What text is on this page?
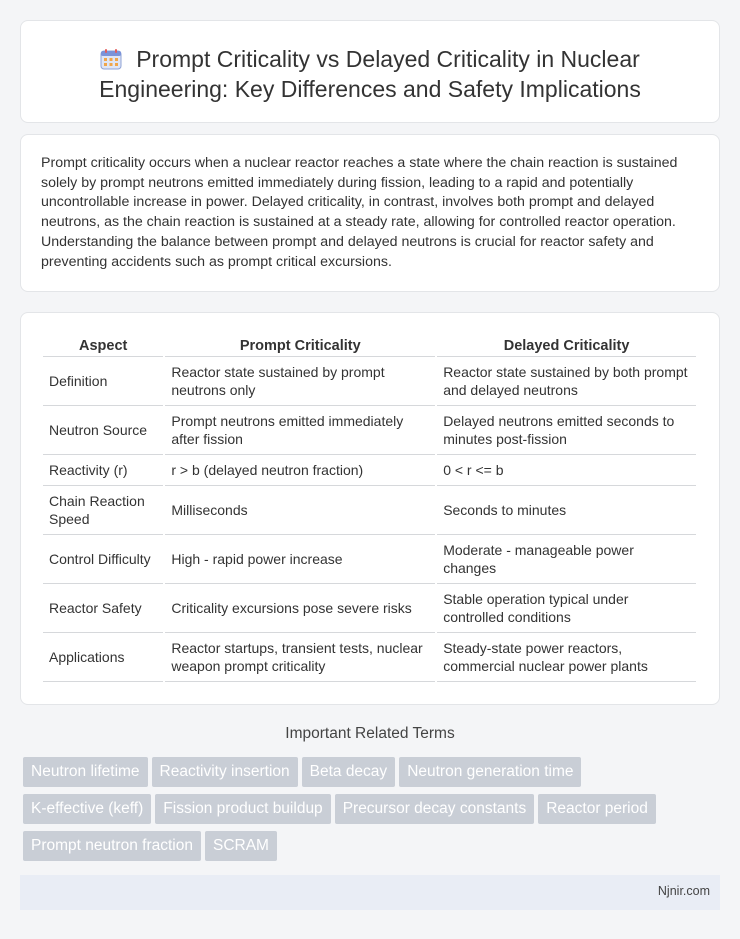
Prompt Criticality vs Delayed Criticality in Nuclear Engineering: Key Differences and Safety Implications

Prompt criticality occurs when a nuclear reactor reaches a state where the chain reaction is sustained solely by prompt neutrons emitted immediately during fission, leading to a rapid and potentially uncontrollable increase in power. Delayed criticality, in contrast, involves both prompt and delayed neutrons, as the chain reaction is sustained at a steady rate, allowing for controlled reactor operation. Understanding the balance between prompt and delayed neutrons is crucial for reactor safety and preventing accidents such as prompt critical excursions.

Aspect	Prompt Criticality	Delayed Criticality
Definition	Reactor state sustained by prompt neutrons only	Reactor state sustained by both prompt and delayed neutrons
Neutron Source	Prompt neutrons emitted immediately after fission	Delayed neutrons emitted seconds to minutes post-fission
Reactivity (r)	r > b (delayed neutron fraction)	0 < r <= b
Chain Reaction Speed	Milliseconds	Seconds to minutes
Control Difficulty	High - rapid power increase	Moderate - manageable power changes
Reactor Safety	Criticality excursions pose severe risks	Stable operation typical under controlled conditions
Applications	Reactor startups, transient tests, nuclear weapon prompt criticality	Steady-state power reactors, commercial nuclear power plants
Important Related Terms
Neutron lifetime Reactivity insertion Beta decay Neutron generation time
K-effective (keff) Fission product buildup Precursor decay constants Reactor period
Prompt neutron fraction SCRAM
Njnir.com
